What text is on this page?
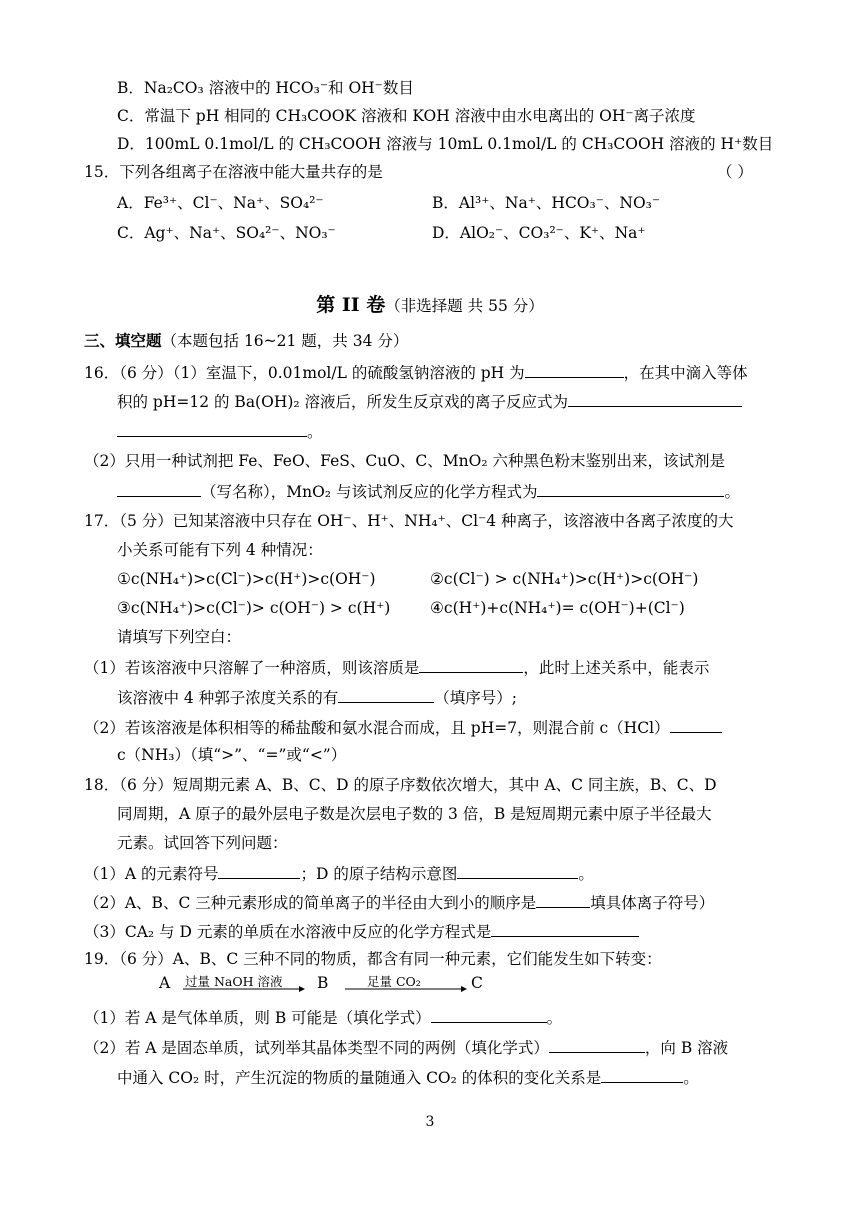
B．Na₂CO₃ 溶液中的 HCO₃⁻和 OH⁻数目
C．常温下 pH 相同的 CH₃COOK 溶液和 KOH 溶液中由水电离出的 OH⁻离子浓度
D．100mL 0.1mol/L 的 CH₃COOH 溶液与 10mL 0.1mol/L 的 CH₃COOH 溶液的 H⁺数目
15．下列各组离子在溶液中能大量共存的是	（ ）
A．Fe³⁺、Cl⁻、Na⁺、SO₄²⁻	B．Al³⁺、Na⁺、HCO₃⁻、NO₃⁻
C．Ag⁺、Na⁺、SO₄²⁻、NO₃⁻	D．AlO₂⁻、CO₃²⁻、K⁺、Na⁺
第 II 卷（非选择题 共 55 分）
三、填空题（本题包括 16~21 题，共 34 分）
16．（6 分）（1）室温下，0.01mol/L 的硫酸氢钠溶液的 pH 为	，在其中滴入等体
积的 pH=12 的 Ba(OH)₂ 溶液后，所发生反京戏的离子反应式为
。
（2）只用一种试剂把 Fe、FeO、FeS、CuO、C、MnO₂ 六种黑色粉末鉴别出来，该试剂是
（写名称），MnO₂ 与该试剂反应的化学方程式为	。
17．（5 分）已知某溶液中只存在 OH⁻、H⁺、NH₄⁺、Cl⁻4 种离子，该溶液中各离子浓度的大
小关系可能有下列 4 种情况：
①c(NH₄⁺)>c(Cl⁻)>c(H⁺)>c(OH⁻)	②c(Cl⁻) > c(NH₄⁺)>c(H⁺)>c(OH⁻)
③c(NH₄⁺)>c(Cl⁻)> c(OH⁻) > c(H⁺)	④c(H⁺)+c(NH₄⁺)= c(OH⁻)+(Cl⁻)
请填写下列空白：
（1）若该溶液中只溶解了一种溶质，则该溶质是	，此时上述关系中，能表示
该溶液中 4 种郭子浓度关系的有	（填序号）;
（2）若该溶液是体积相等的稀盐酸和氨水混合而成，且 pH=7，则混合前 c（HCl）
c（NH₃）（填“>”、“=”或“<”）
18．（6 分）短周期元素 A、B、C、D 的原子序数依次增大，其中 A、C 同主族，B、C、D
同周期，A 原子的最外层电子数是次层电子数的 3 倍，B 是短周期元素中原子半径最大
元素。试回答下列问题：
（1）A 的元素符号	；D 的原子结构示意图	。
（2）A、B、C 三种元素形成的简单离子的半径由大到小的顺序是	填具体离子符号）
（3）CA₂ 与 D 元素的单质在水溶液中反应的化学方程式是
19．（6 分）A、B、C 三种不同的物质，都含有同一种元素，它们能发生如下转变：
A 过量 NaOH 溶液 B	足量 CO₂	C
（1）若 A 是气体单质，则 B 可能是（填化学式）	。
（2）若 A 是固态单质，试列举其晶体类型不同的两例（填化学式）	，向 B 溶液
中通入 CO₂ 时，产生沉淀的物质的量随通入 CO₂ 的体积的变化关系是	。
3
